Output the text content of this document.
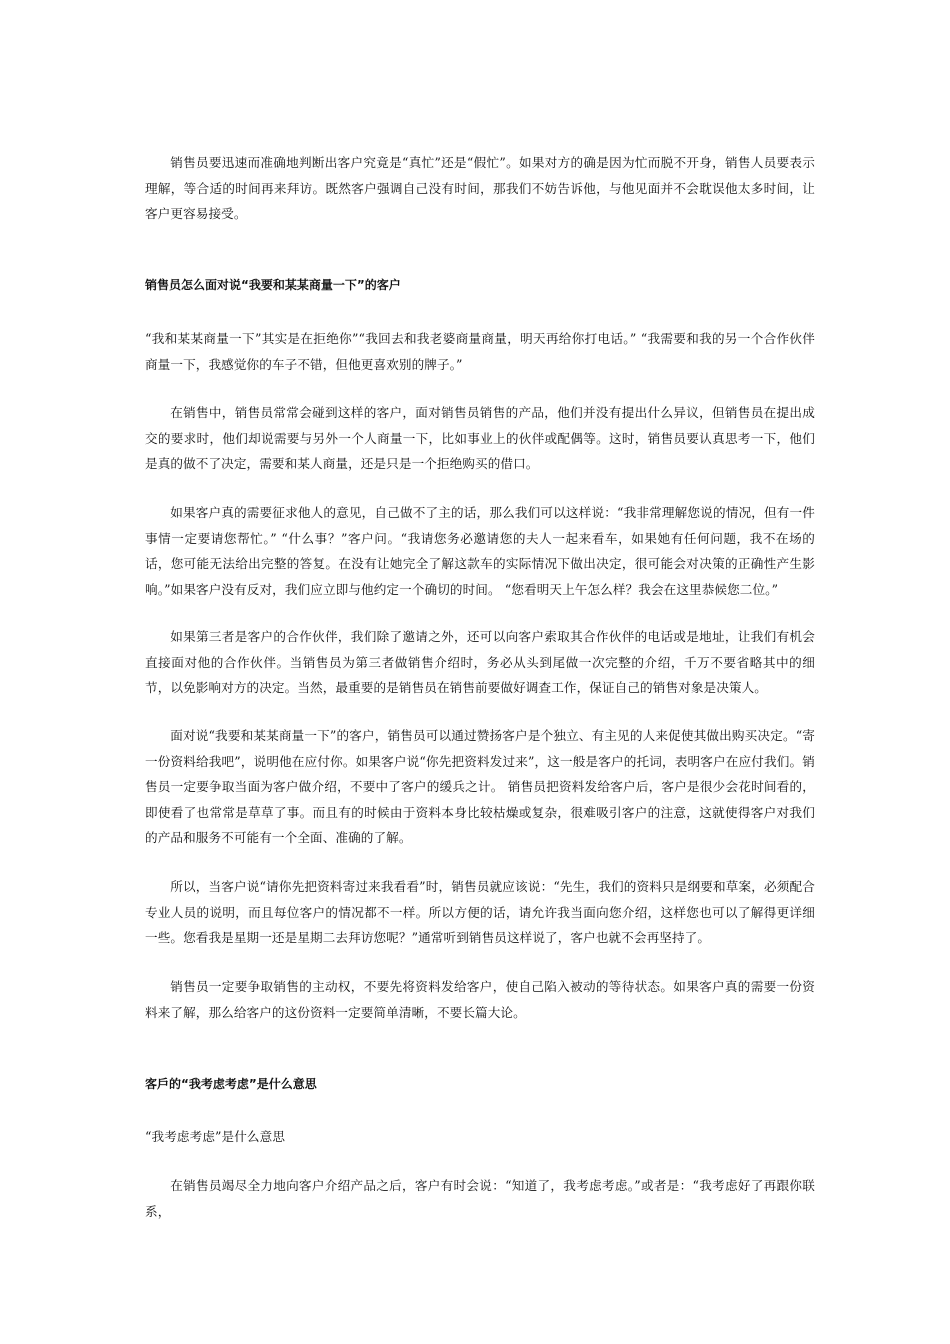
销售员要迅速而准确地判断出客户究竟是“真忙”还是“假忙”。如果对方的确是因为忙而脱不开身，销售人员要表示理解，等合适的时间再来拜访。既然客户强调自己没有时间，那我们不妨告诉他，与他见面并不会耽误他太多时间，让客户更容易接受。

销售员怎么面对说“我要和某某商量一下”的客户

“我和某某商量一下”其实是在拒绝你”“我回去和我老婆商量商量，明天再给你打电话。” “我需要和我的另一个合作伙伴商量一下，我感觉你的车子不错，但他更喜欢别的牌子。”

在销售中，销售员常常会碰到这样的客户，面对销售员销售的产品，他们并没有提出什么异议，但销售员在提出成交的要求时，他们却说需要与另外一个人商量一下，比如事业上的伙伴或配偶等。这时，销售员要认真思考一下，他们是真的做不了决定，需要和某人商量，还是只是一个拒绝购买的借口。

如果客户真的需要征求他人的意见，自己做不了主的话，那么我们可以这样说：“我非常理解您说的情况，但有一件事情一定要请您帮忙。” “什么事？”客户问。“我请您务必邀请您的夫人一起来看车，如果她有任何问题，我不在场的话，您可能无法给出完整的答复。在没有让她完全了解这款车的实际情况下做出决定，很可能会对决策的正确性产生影响。”如果客户没有反对，我们应立即与他约定一个确切的时间。 “您看明天上午怎么样？我会在这里恭候您二位。”

如果第三者是客户的合作伙伴，我们除了邀请之外，还可以向客户索取其合作伙伴的电话或是地址，让我们有机会直接面对他的合作伙伴。当销售员为第三者做销售介绍时，务必从头到尾做一次完整的介绍，千万不要省略其中的细节，以免影响对方的决定。当然，最重要的是销售员在销售前要做好调查工作，保证自己的销售对象是决策人。

面对说“我要和某某商量一下”的客户，销售员可以通过赞扬客户是个独立、有主见的人来促使其做出购买决定。“寄一份资料给我吧”，说明他在应付你。如果客户说“你先把资料发过来”，这一般是客户的托词，表明客户在应付我们。销售员一定要争取当面为客户做介绍，不要中了客户的缓兵之计。 销售员把资料发给客户后，客户是很少会花时间看的，即使看了也常常是草草了事。而且有的时候由于资料本身比较枯燥或复杂，很难吸引客户的注意，这就使得客户对我们的产品和服务不可能有一个全面、准确的了解。

所以，当客户说“请你先把资料寄过来我看看”时，销售员就应该说：“先生，我们的资料只是纲要和草案，必须配合专业人员的说明，而且每位客户的情况都不一样。所以方便的话，请允许我当面向您介绍，这样您也可以了解得更详细一些。您看我是星期一还是星期二去拜访您呢？”通常听到销售员这样说了，客户也就不会再坚持了。

销售员一定要争取销售的主动权，不要先将资料发给客户，使自己陷入被动的等待状态。如果客户真的需要一份资料来了解，那么给客户的这份资料一定要简单清晰，不要长篇大论。

客戶的“我考虑考虑”是什么意思

“我考虑考虑”是什么意思

在销售员竭尽全力地向客户介绍产品之后，客户有时会说：“知道了，我考虑考虑。”或者是：“我考虑好了再跟你联系，
